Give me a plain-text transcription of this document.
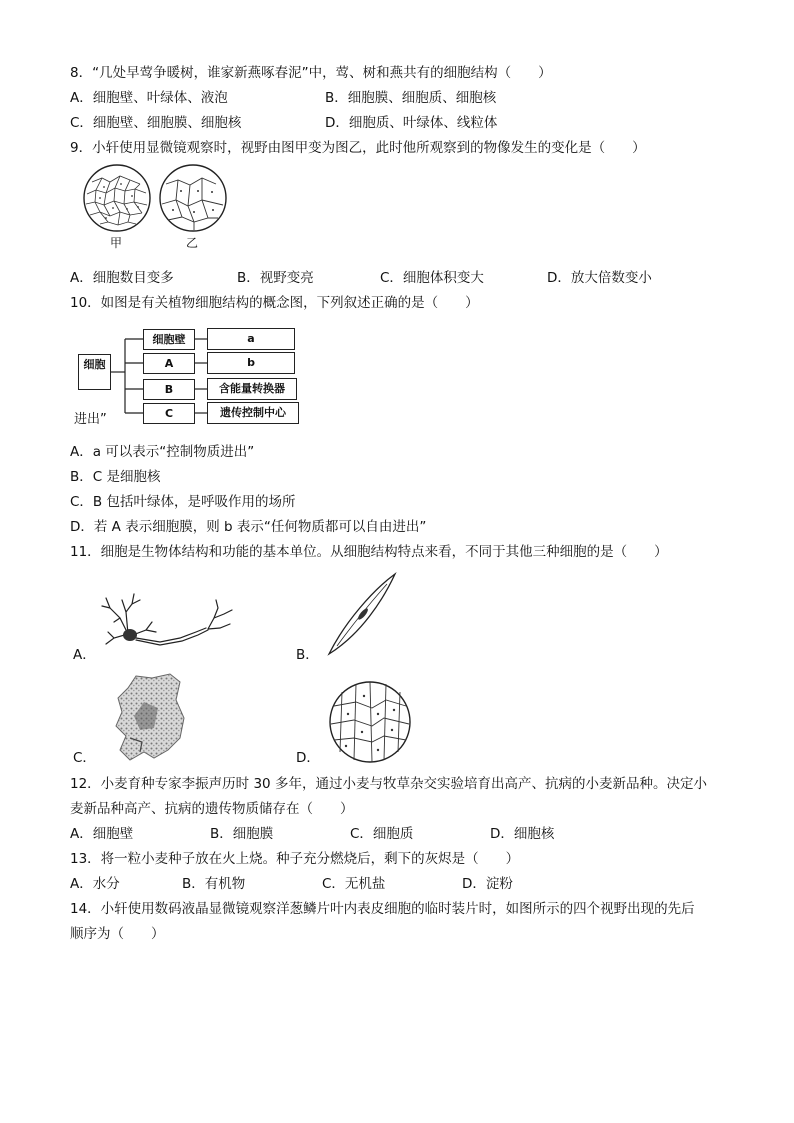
8．“几处早莺争暖树，谁家新燕啄春泥”中，莺、树和燕共有的细胞结构（　　）
A．细胞壁、叶绿体、液泡	B．细胞膜、细胞质、细胞核
C．细胞壁、细胞膜、细胞核	D．细胞质、叶绿体、线粒体
9．小轩使用显微镜观察时，视野由图甲变为图乙，此时他所观察到的物像发生的变化是（　　）
甲	乙
A．细胞数目变多	B．视野变亮	C．细胞体积变大	D．放大倍数变小
10．如图是有关植物细胞结构的概念图，下列叙述正确的是（　　）
细胞
细胞壁
A
B
C
a
b
含能量转换器
遗传控制中心
进出”
A．a 可以表示“控制物质进出”
B．C 是细胞核
C．B 包括叶绿体，是呼吸作用的场所
D．若 A 表示细胞膜，则 b 表示“任何物质都可以自由进出”
11．细胞是生物体结构和功能的基本单位。从细胞结构特点来看，不同于其他三种细胞的是（　　）
A．	B．
C．	D．
12．小麦育种专家李振声历时 30 多年，通过小麦与牧草杂交实验培育出高产、抗病的小麦新品种。决定小
麦新品种高产、抗病的遗传物质储存在（　　）
A．细胞壁	B．细胞膜	C．细胞质	D．细胞核
13．将一粒小麦种子放在火上烧。种子充分燃烧后，剩下的灰烬是（　　）
A．水分	B．有机物	C．无机盐	D．淀粉
14．小轩使用数码液晶显微镜观察洋葱鳞片叶内表皮细胞的临时装片时，如图所示的四个视野出现的先后
顺序为（　　）
